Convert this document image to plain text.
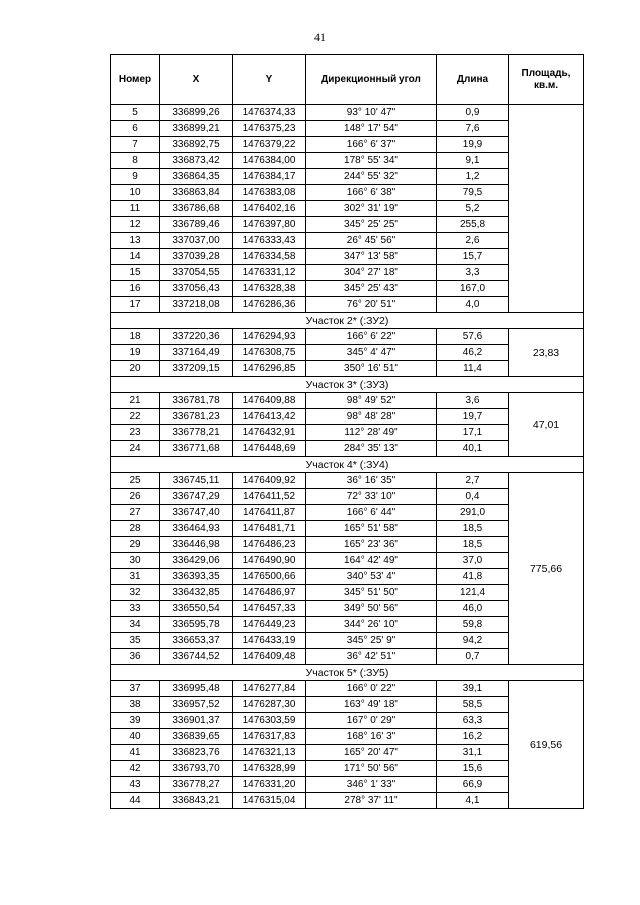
41
Номер	X	Y	Дирекционный угол	Длина	Площадь,
кв.м.
5	336899,26	1476374,33	93° 10' 47"	0,9	
6	336899,21	1476375,23	148° 17' 54"	7,6	
7	336892,75	1476379,22	166° 6' 37"	19,9	
8	336873,42	1476384,00	178° 55' 34"	9,1	
9	336864,35	1476384,17	244° 55' 32"	1,2	
10	336863,84	1476383,08	166° 6' 38"	79,5	
11	336786,68	1476402,16	302° 31' 19"	5,2	
12	336789,46	1476397,80	345° 25' 25"	255,8	
13	337037,00	1476333,43	26° 45' 56"	2,6	
14	337039,28	1476334,58	347° 13' 58"	15,7	
15	337054,55	1476331,12	304° 27' 18"	3,3	
16	337056,43	1476328,38	345° 25' 43"	167,0	
17	337218,08	1476286,36	76° 20' 51"	4,0	
Участок 2* (:ЗУ2)					
18	337220,36	1476294,93	166° 6' 22"	57,6	23,83
19	337164,49	1476308,75	345° 4' 47"	46,2	
20	337209,15	1476296,85	350° 16' 51"	11,4	
Участок 3* (:ЗУ3)					
21	336781,78	1476409,88	98° 49' 52"	3,6	47,01
22	336781,23	1476413,42	98° 48' 28"	19,7	
23	336778,21	1476432,91	112° 28' 49"	17,1	
24	336771,68	1476448,69	284° 35' 13"	40,1	
Участок 4* (:ЗУ4)					
25	336745,11	1476409,92	36° 16' 35"	2,7	775,66
26	336747,29	1476411,52	72° 33' 10"	0,4	
27	336747,40	1476411,87	166° 6' 44"	291,0	
28	336464,93	1476481,71	165° 51' 58"	18,5	
29	336446,98	1476486,23	165° 23' 36"	18,5	
30	336429,06	1476490,90	164° 42' 49"	37,0	
31	336393,35	1476500,66	340° 53' 4"	41,8	
32	336432,85	1476486,97	345° 51' 50"	121,4	
33	336550,54	1476457,33	349° 50' 56"	46,0	
34	336595,78	1476449,23	344° 26' 10"	59,8	
35	336653,37	1476433,19	345° 25' 9"	94,2	
36	336744,52	1476409,48	36° 42' 51"	0,7	
Участок 5* (:ЗУ5)					
37	336995,48	1476277,84	166° 0' 22"	39,1	619,56
38	336957,52	1476287,30	163° 49' 18"	58,5	
39	336901,37	1476303,59	167° 0' 29"	63,3	
40	336839,65	1476317,83	168° 16' 3"	16,2	
41	336823,76	1476321,13	165° 20' 47"	31,1	
42	336793,70	1476328,99	171° 50' 56"	15,6	
43	336778,27	1476331,20	346° 1' 33"	66,9	
44	336843,21	1476315,04	278° 37' 11"	4,1	
